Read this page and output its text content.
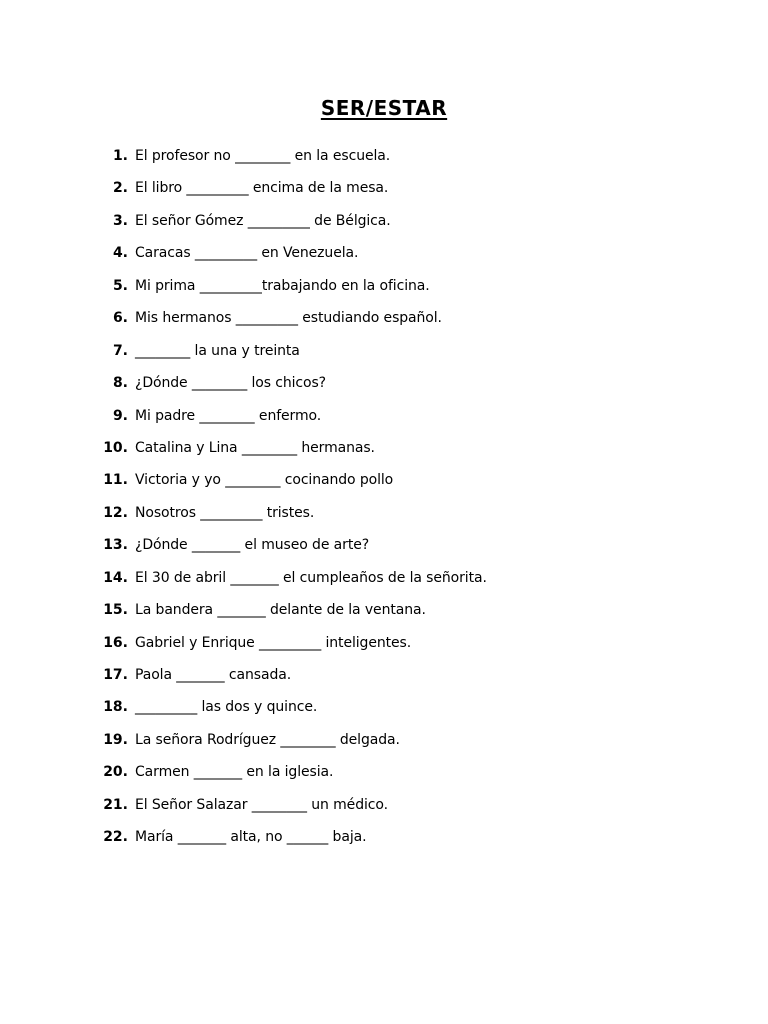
SER/ESTAR
1. El profesor no ________ en la escuela.
2. El libro _________ encima de la mesa.
3. El señor Gómez _________ de Bélgica.
4. Caracas _________ en Venezuela.
5. Mi prima _________trabajando en la oficina.
6. Mis hermanos _________ estudiando español.
7. ________ la una y treinta
8. ¿Dónde ________ los chicos?
9. Mi padre ________ enfermo.
10. Catalina y Lina ________ hermanas.
11. Victoria y yo ________ cocinando pollo
12. Nosotros _________ tristes.
13. ¿Dónde _______ el museo de arte?
14. El 30 de abril _______ el cumpleaños de la señorita.
15. La bandera _______ delante de la ventana.
16. Gabriel y Enrique _________ inteligentes.
17. Paola _______ cansada.
18. _________ las dos y quince.
19. La señora Rodríguez ________ delgada.
20. Carmen _______ en la iglesia.
21. El Señor Salazar ________ un médico.
22. María _______ alta, no ______ baja.
